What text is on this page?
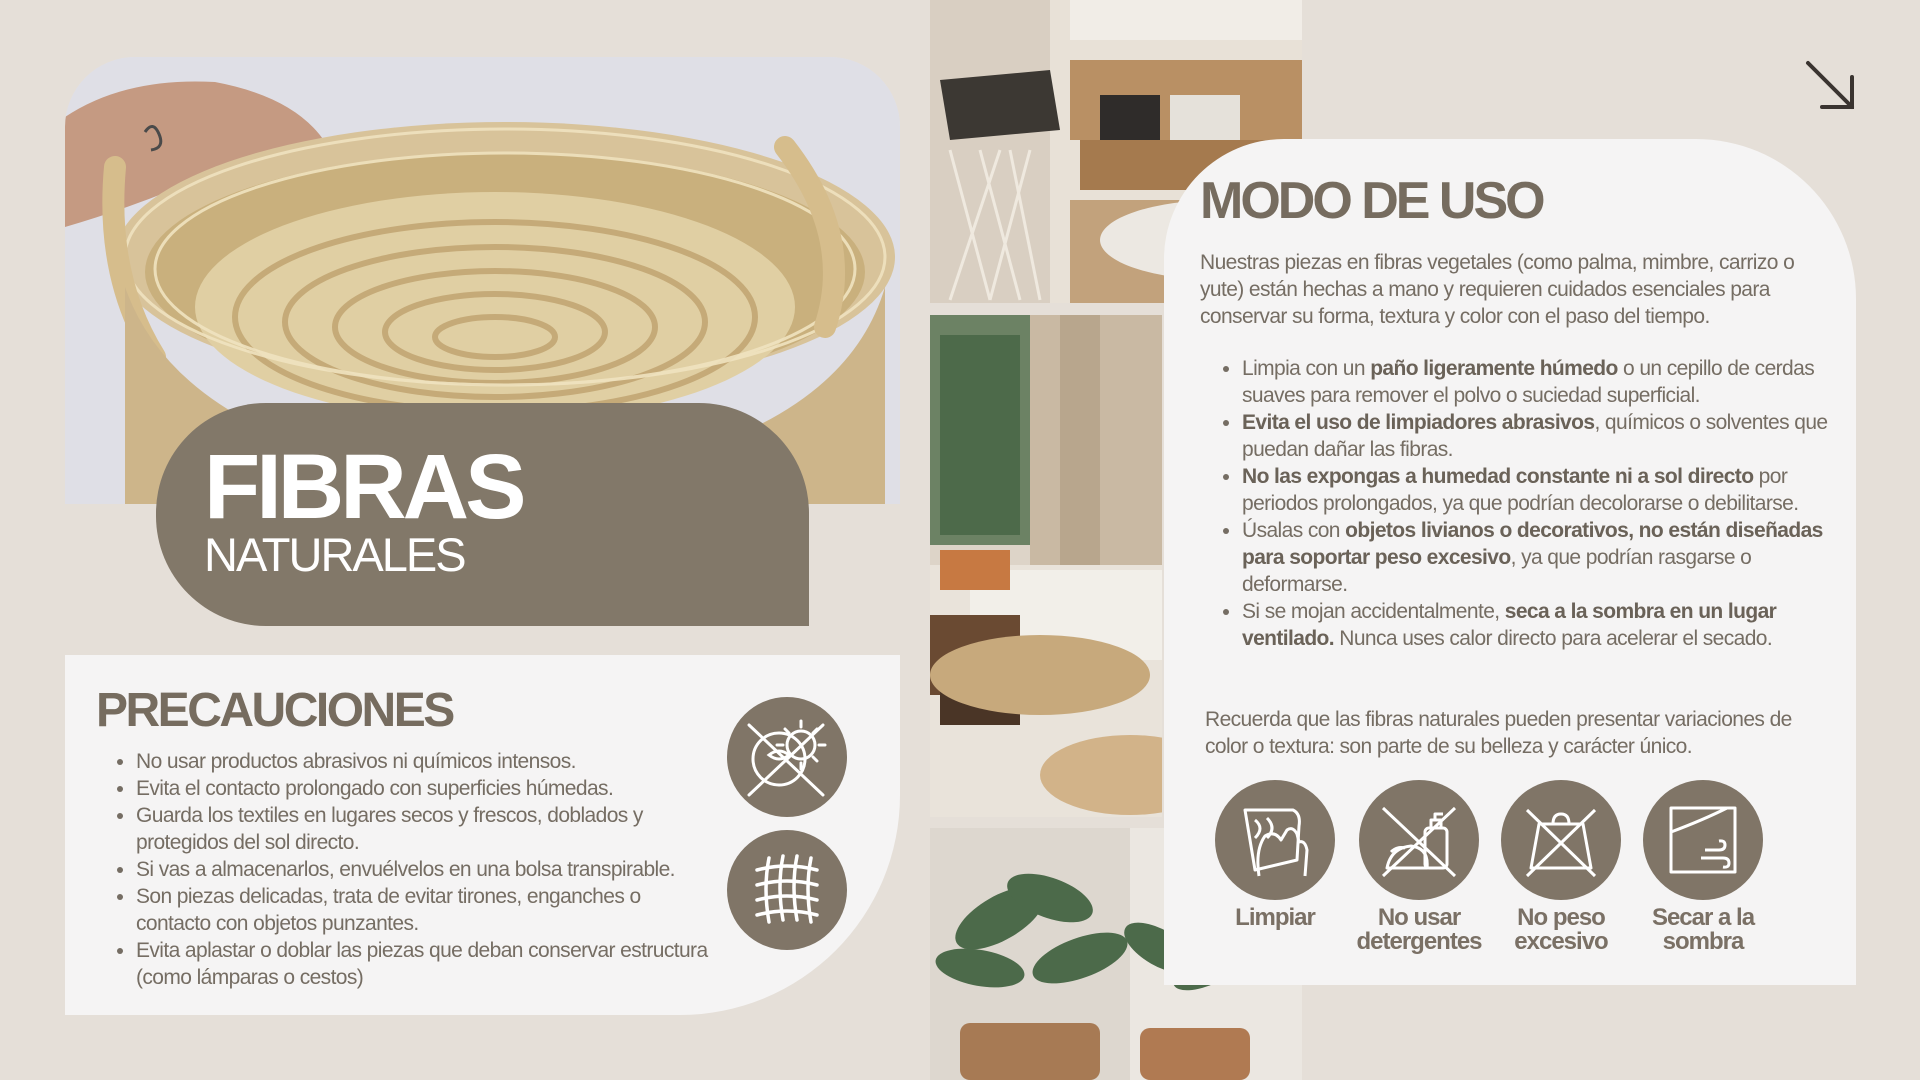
FIBRAS
NATURALES
PRECAUCIONES
• No usar productos abrasivos ni químicos intensos.
• Evita el contacto prolongado con superficies húmedas.
• Guarda los textiles en lugares secos y frescos, doblados y protegidos del sol directo.
• Si vas a almacenarlos, envuélvelos en una bolsa transpirable.
• Son piezas delicadas, trata de evitar tirones, enganches o contacto con objetos punzantes.
• Evita aplastar o doblar las piezas que deban conservar estructura (como lámparas o cestos)
MODO DE USO

Nuestras piezas en fibras vegetales (como palma, mimbre, carrizo o yute) están hechas a mano y requieren cuidados esenciales para conservar su forma, textura y color con el paso del tiempo.

• Limpia con un paño ligeramente húmedo o un cepillo de cerdas suaves para remover el polvo o suciedad superficial.
• Evita el uso de limpiadores abrasivos, químicos o solventes que puedan dañar las fibras.
• No las expongas a humedad constante ni a sol directo por periodos prolongados, ya que podrían decolorarse o debilitarse.
• Úsalas con objetos livianos o decorativos, no están diseñadas para soportar peso excesivo, ya que podrían rasgarse o deformarse.
• Si se mojan accidentalmente, seca a la sombra en un lugar ventilado. Nunca uses calor directo para acelerar el secado.

Recuerda que las fibras naturales pueden presentar variaciones de color o textura: son parte de su belleza y carácter único.

Limpiar	No usar detergentes
No peso excesivo
Secar a la sombra
